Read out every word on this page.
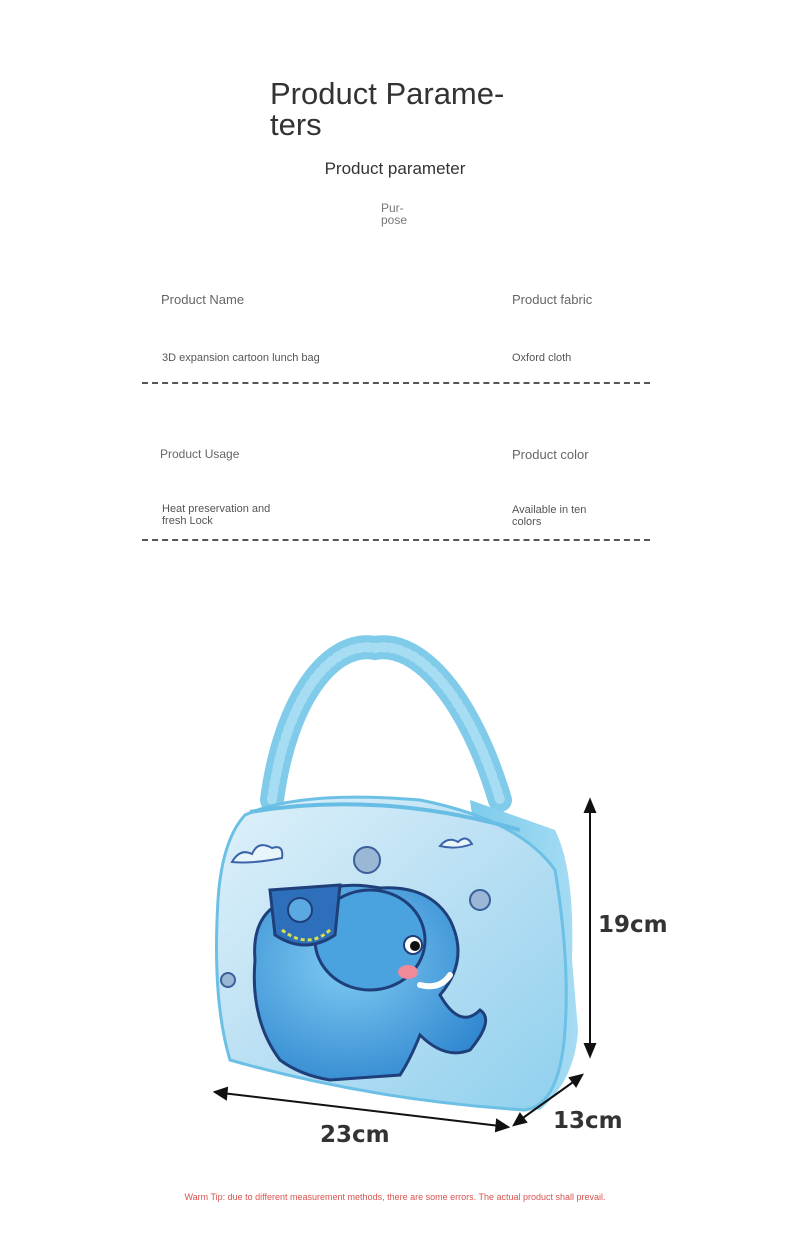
Product Parame-
ters
Product parameter
Pur-
pose
Product Name
3D expansion cartoon lunch bag
Product fabric
Oxford cloth
Product Usage
Heat preservation and
fresh Lock
Product color
Available in ten
colors
19cm
23cm
13cm
Warm Tip: due to different measurement methods, there are some errors. The actual product shall prevail.
